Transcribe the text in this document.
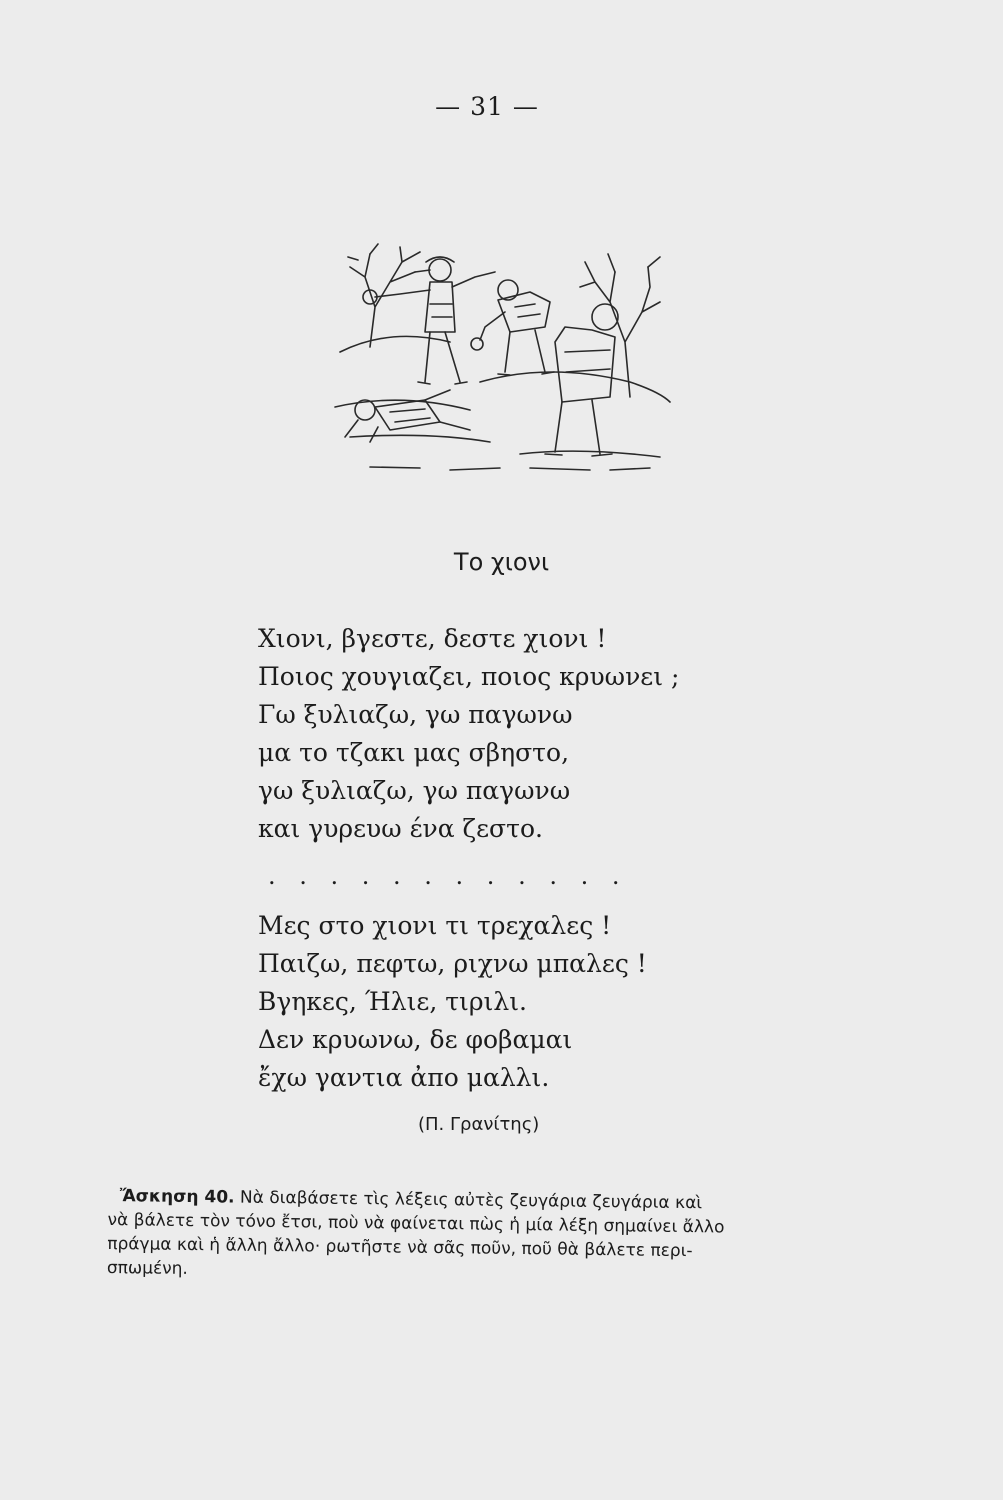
— 31 —
Το χιονι
Χιονι, βγεστε, δεστε χιονι !
Ποιος χουγιαζει, ποιος κρυωνει ;
Γω ξυλιαζω, γω παγωνω
μα το τζακι μας σβηστο,
γω ξυλιαζω, γω παγωνω
και γυρευω ένα ζεστο.
. . . . . . . . . . . .
Μες στο χιονι τι τρεχαλες !
Παιζω, πεφτω, ριχνω μπαλες !
Βγηκες, Ήλιε, τιριλι.
Δεν κρυωνω, δε φοβαμαι
ἔχω γαντια ἀπο μαλλι.
(Π. Γρανίτης)
Ἄσκηση 40. Νὰ διαβάσετε τὶς λέξεις αὐτὲς ζευγάρια ζευγάρια καὶ
νὰ βάλετε τὸν τόνο ἔτσι, ποὺ νὰ φαίνεται πὼς ἡ μία λέξη σημαίνει ἄλλο
πράγμα καὶ ἡ ἄλλη ἄλλο· ρωτῆστε νὰ σᾶς ποῦν, ποῦ θὰ βάλετε περι-
σπωμένη.
